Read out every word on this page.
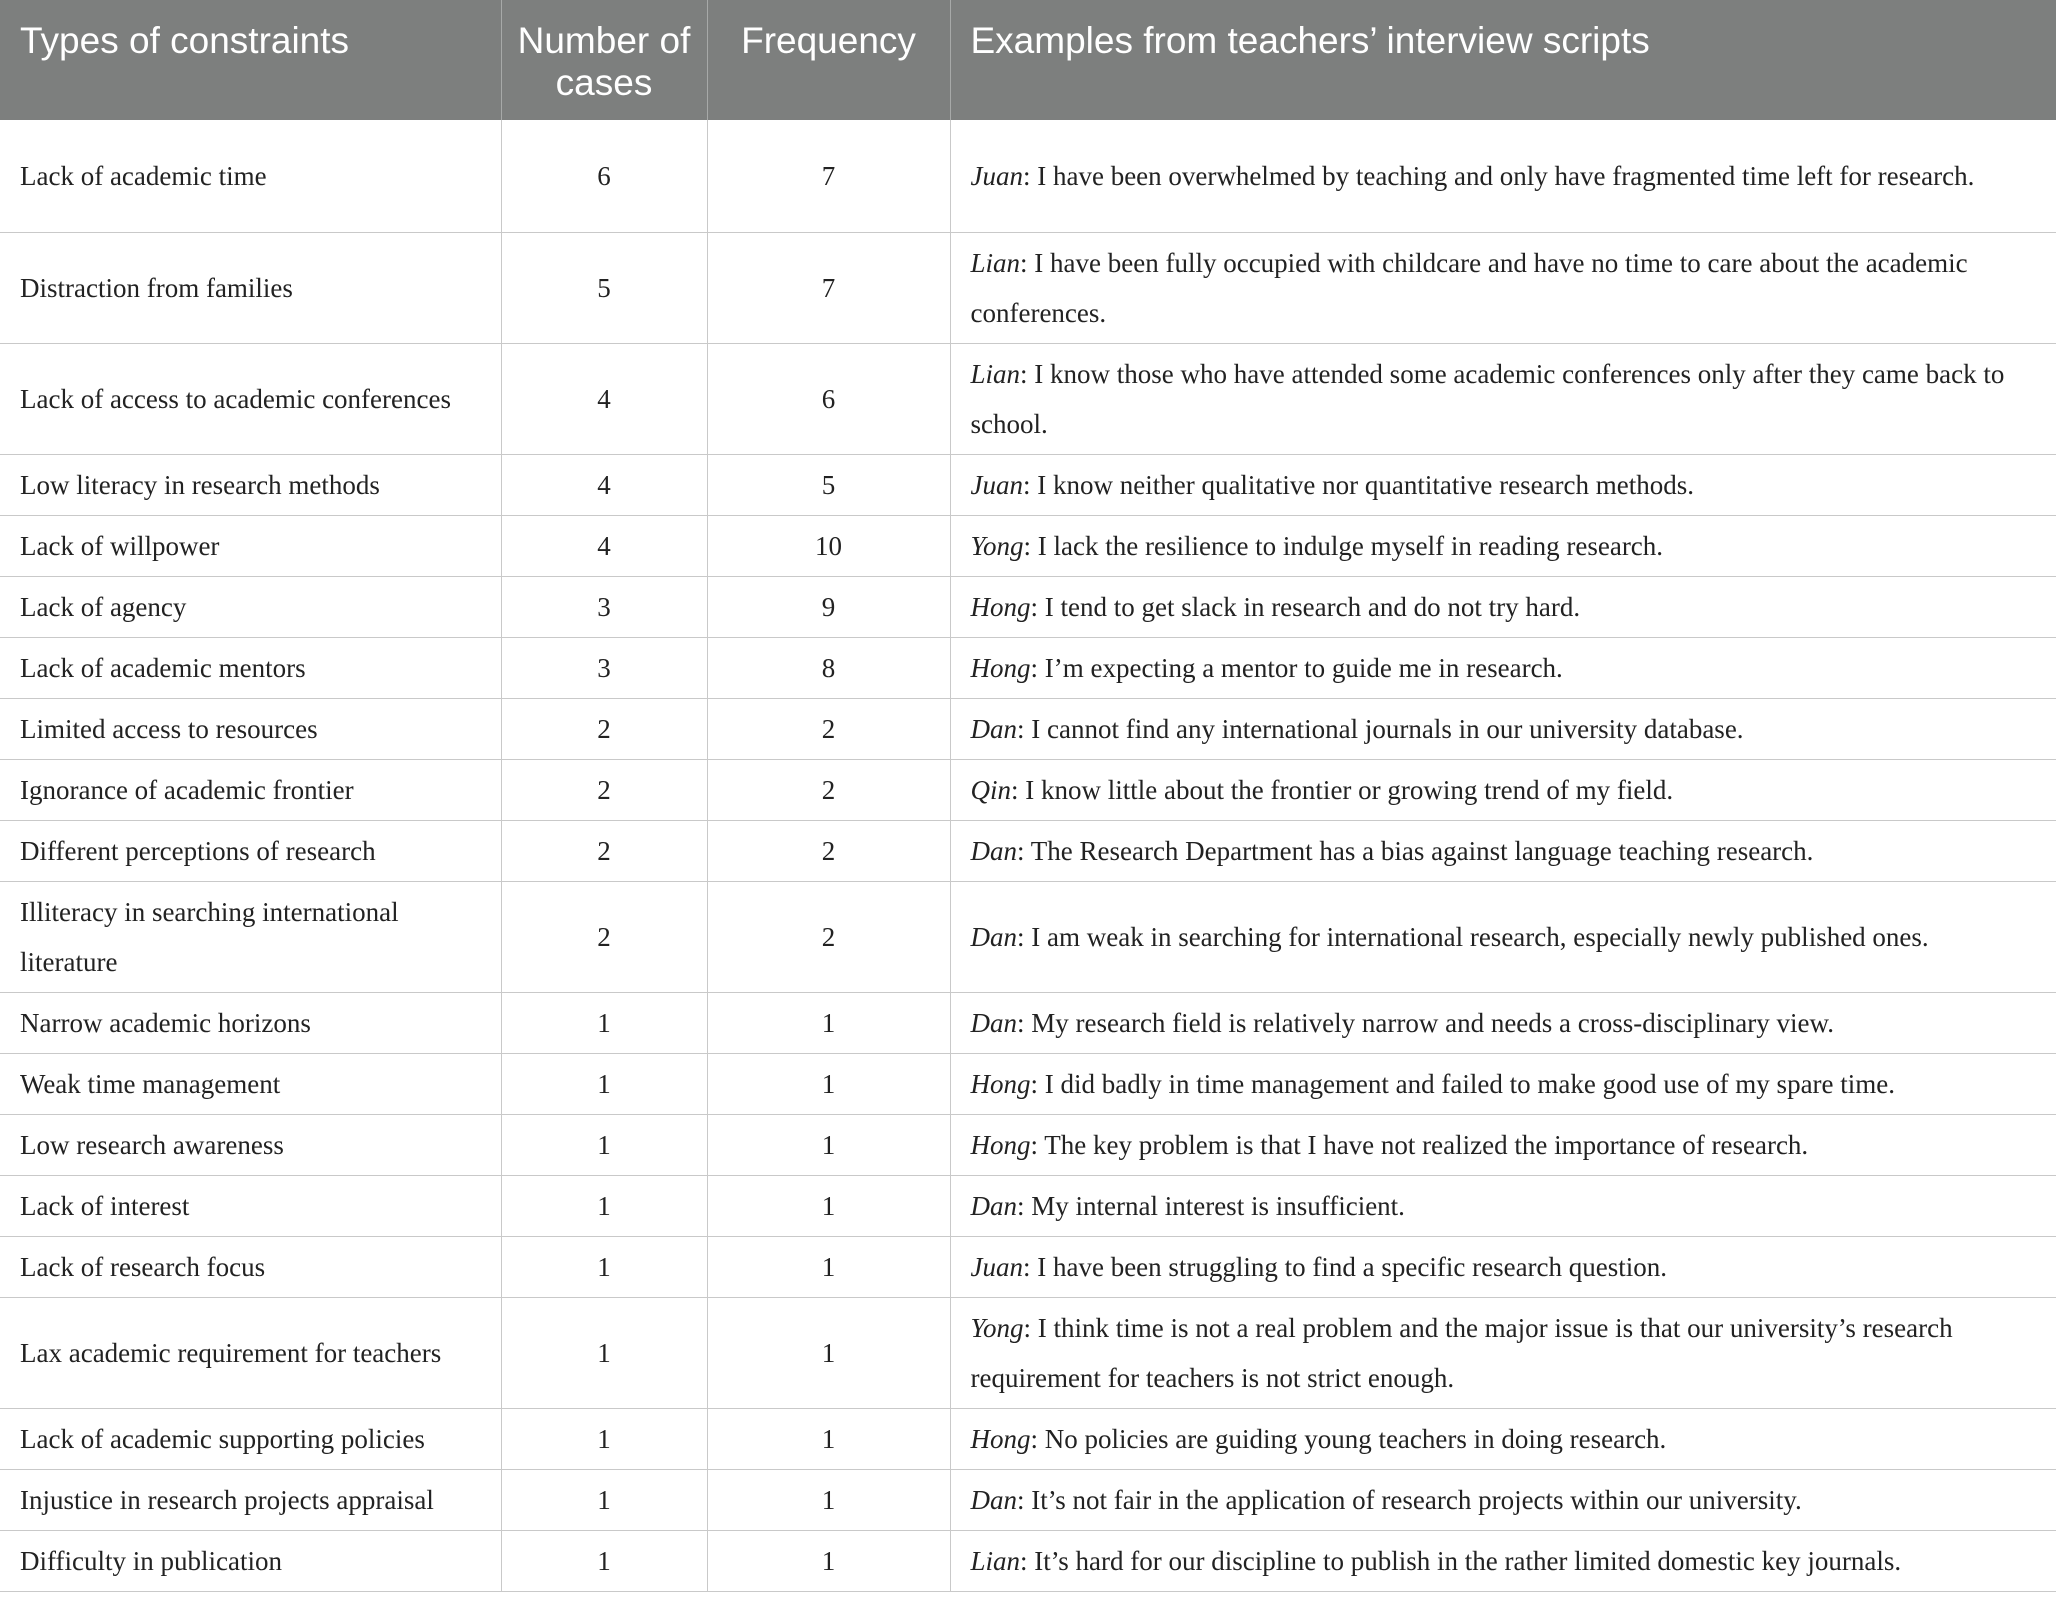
Types of constraints	Number of cases	Frequency	Examples from teachers’ interview scripts
Lack of academic time	6	7	Juan: I have been overwhelmed by teaching and only have fragmented time left for research.
Distraction from families	5	7	Lian: I have been fully occupied with childcare and have no time to care about the academic conferences.
Lack of access to academic conferences	4	6	Lian: I know those who have attended some academic conferences only after they came back to school.
Low literacy in research methods	4	5	Juan: I know neither qualitative nor quantitative research methods.
Lack of willpower	4	10	Yong: I lack the resilience to indulge myself in reading research.
Lack of agency	3	9	Hong: I tend to get slack in research and do not try hard.
Lack of academic mentors	3	8	Hong: I’m expecting a mentor to guide me in research.
Limited access to resources	2	2	Dan: I cannot find any international journals in our university database.
Ignorance of academic frontier	2	2	Qin: I know little about the frontier or growing trend of my field.
Different perceptions of research	2	2	Dan: The Research Department has a bias against language teaching research.
Illiteracy in searching international literature	2	2	Dan: I am weak in searching for international research, especially newly published ones.
Narrow academic horizons	1	1	Dan: My research field is relatively narrow and needs a cross-disciplinary view.
Weak time management	1	1	Hong: I did badly in time management and failed to make good use of my spare time.
Low research awareness	1	1	Hong: The key problem is that I have not realized the importance of research.
Lack of interest	1	1	Dan: My internal interest is insufficient.
Lack of research focus	1	1	Juan: I have been struggling to find a specific research question.
Lax academic requirement for teachers	1	1	Yong: I think time is not a real problem and the major issue is that our university’s research requirement for teachers is not strict enough.
Lack of academic supporting policies	1	1	Hong: No policies are guiding young teachers in doing research.
Injustice in research projects appraisal	1	1	Dan: It’s not fair in the application of research projects within our university.
Difficulty in publication	1	1	Lian: It’s hard for our discipline to publish in the rather limited domestic key journals.
